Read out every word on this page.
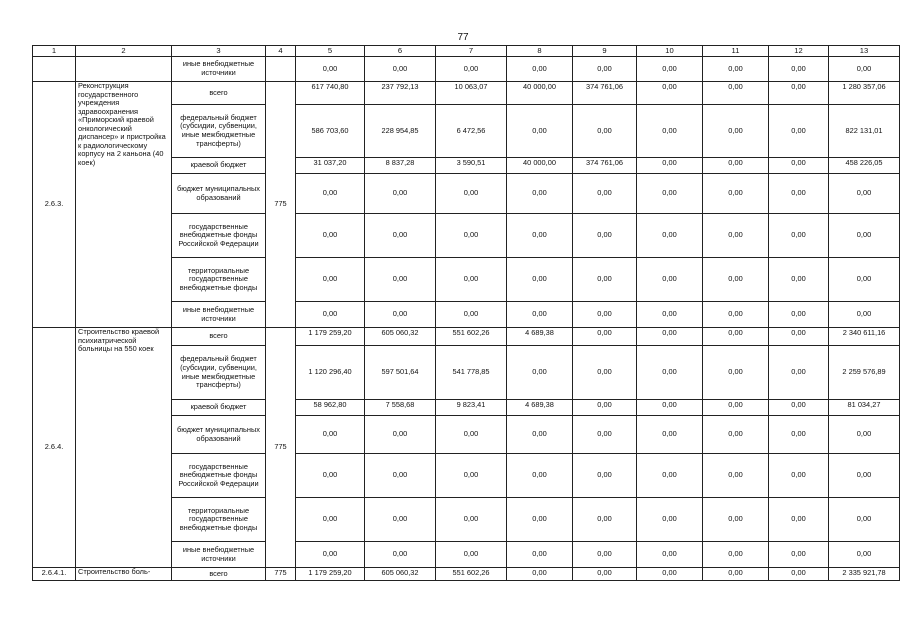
77
1	2	3	4	5	6	7	8	9	10	11	12	13
		иные внебюджетные источники		0,00	0,00	0,00	0,00	0,00	0,00	0,00	0,00	0,00
2.6.3.	Реконструкция государственного учреждения здравоохранения «Приморский краевой онкологический диспансер» и пристройка к радиологическому корпусу на 2 каньона (40 коек)	всего	775	617 740,80	237 792,13	10 063,07	40 000,00	374 761,06	0,00	0,00	0,00	1 280 357,06
		федеральный бюджет (субсидии, субвенции, иные межбюджетные трансферты)		586 703,60	228 954,85	6 472,56	0,00	0,00	0,00	0,00	0,00	822 131,01
		краевой бюджет		31 037,20	8 837,28	3 590,51	40 000,00	374 761,06	0,00	0,00	0,00	458 226,05
		бюджет муниципальных образований		0,00	0,00	0,00	0,00	0,00	0,00	0,00	0,00	0,00
		государственные внебюджетные фонды Российской Федерации		0,00	0,00	0,00	0,00	0,00	0,00	0,00	0,00	0,00
		территориальные государственные внебюджетные фонды		0,00	0,00	0,00	0,00	0,00	0,00	0,00	0,00	0,00
		иные внебюджетные источники		0,00	0,00	0,00	0,00	0,00	0,00	0,00	0,00	0,00
2.6.4.	Строительство краевой психиатрической больницы на 550 коек	всего	775	1 179 259,20	605 060,32	551 602,26	4 689,38	0,00	0,00	0,00	0,00	2 340 611,16
		федеральный бюджет (субсидии, субвенции, иные межбюджетные трансферты)		1 120 296,40	597 501,64	541 778,85	0,00	0,00	0,00	0,00	0,00	2 259 576,89
		краевой бюджет		58 962,80	7 558,68	9 823,41	4 689,38	0,00	0,00	0,00	0,00	81 034,27
		бюджет муниципальных образований		0,00	0,00	0,00	0,00	0,00	0,00	0,00	0,00	0,00
		государственные внебюджетные фонды Российской Федерации		0,00	0,00	0,00	0,00	0,00	0,00	0,00	0,00	0,00
		территориальные государственные внебюджетные фонды		0,00	0,00	0,00	0,00	0,00	0,00	0,00	0,00	0,00
		иные внебюджетные источники		0,00	0,00	0,00	0,00	0,00	0,00	0,00	0,00	0,00
2.6.4.1.	Строительство боль-	всего	775	1 179 259,20	605 060,32	551 602,26	0,00	0,00	0,00	0,00	0,00	2 335 921,78
